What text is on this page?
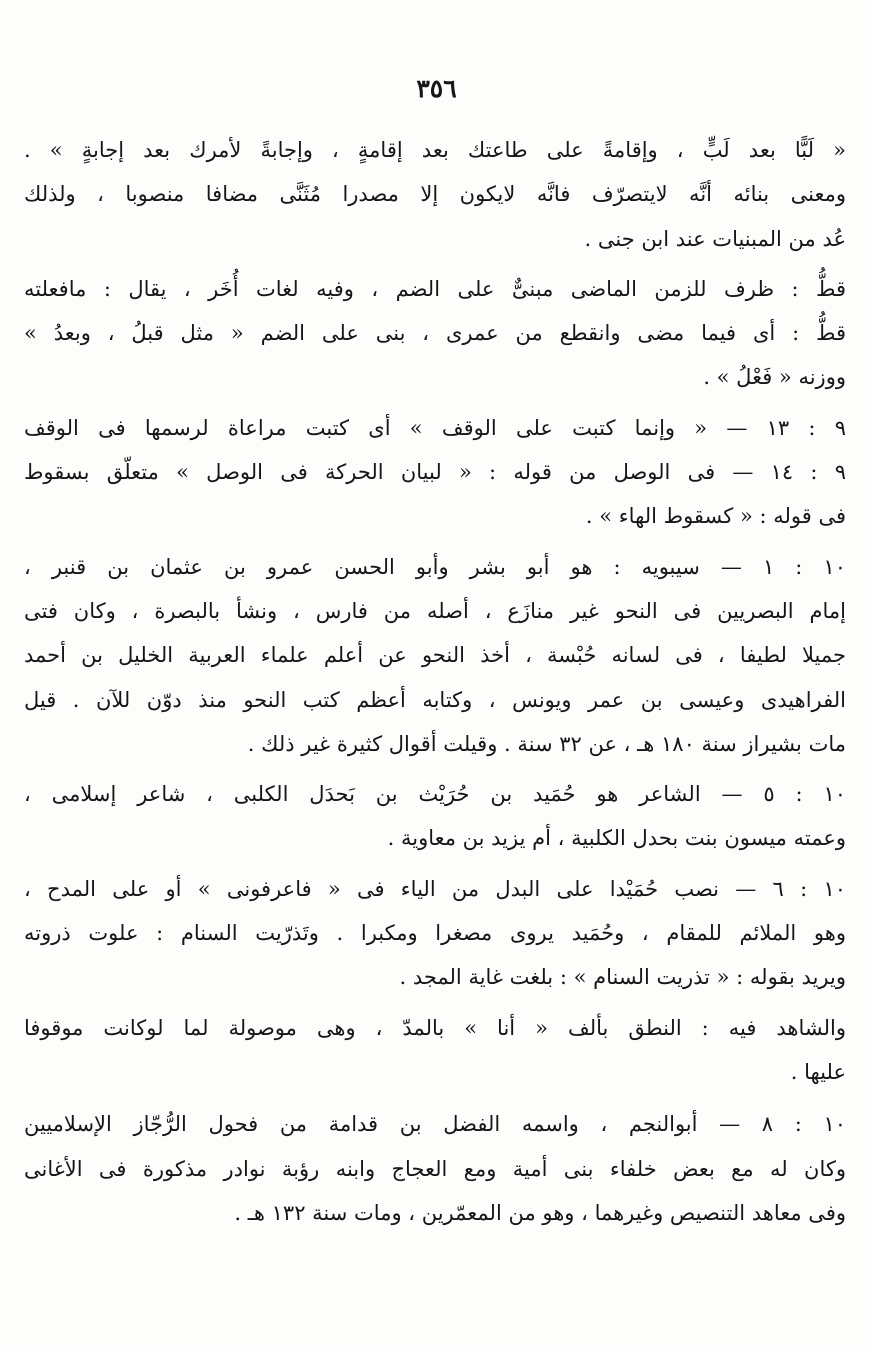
٣٥٦
« لَبًّا بعد لَبٍّ ، وإقامةً على طاعتك بعد إقامةٍ ، وإجابةً لأمرك بعد إجابةٍ » .
ومعنى بنائه أنَّه لايتصرّف فانَّه لايكون إلا مصدرا مُثَنَّى مضافا منصوبا ، ولذلك
عُد من المبنيات عند ابن جنى .
قطُّ : ظرف للزمن الماضى مبنىٌّ على الضم ، وفيه لغات أُخَر ، يقال : مافعلته
قطُّ : أى فيما مضى وانقطع من عمرى ، بنى على الضم « مثل قبلُ ، وبعدُ »
ووزنه « فَعْلُ » .
٩ : ١٣ — « وإنما كتبت على الوقف » أى كتبت مراعاة لرسمها فى الوقف
٩ : ١٤ — فى الوصل من قوله : « لبيان الحركة فى الوصل » متعلّق بسقوط
فى قوله : « كسقوط الهاء » .
١٠ : ١ — سيبويه : هو أبو بشر وأبو الحسن عمرو بن عثمان بن قنبر ،
إمام البصريين فى النحو غير منازَع ، أصله من فارس ، ونشأ بالبصرة ، وكان فتى
جميلا لطيفا ، فى لسانه حُبْسة ، أخذ النحو عن أعلم علماء العربية الخليل بن أحمد
الفراهيدى وعيسى بن عمر ويونس ، وكتابه أعظم كتب النحو منذ دوّن للآن . قيل
مات بشيراز سنة ١٨٠ هـ ، عن ٣٢ سنة . وقيلت أقوال كثيرة غير ذلك .
١٠ : ٥ — الشاعر هو حُمَيد بن حُرَيْث بن بَحدَل الكلبى ، شاعر إسلامى ،
وعمته ميسون بنت بحدل الكلبية ، أم يزيد بن معاوية .
١٠ : ٦ — نصب حُمَيْدا على البدل من الياء فى « فاعرفونى » أو على المدح ،
وهو الملائم للمقام ، وحُمَيد يروى مصغرا ومكبرا . وتَذرّيت السنام : علوت ذروته
ويريد بقوله : « تذريت السنام » : بلغت غاية المجد .
والشاهد فيه : النطق بألف « أنا » بالمدّ ، وهى موصولة لما لوكانت موقوفا
عليها .
١٠ : ٨ — أبوالنجم ، واسمه الفضل بن قدامة من فحول الرُّجّاز الإسلاميين
وكان له مع بعض خلفاء بنى أمية ومع العجاج وابنه رؤبة نوادر مذكورة فى الأغانى
وفى معاهد التنصيص وغيرهما ، وهو من المعمّرين ، ومات سنة ١٣٢ هـ .
